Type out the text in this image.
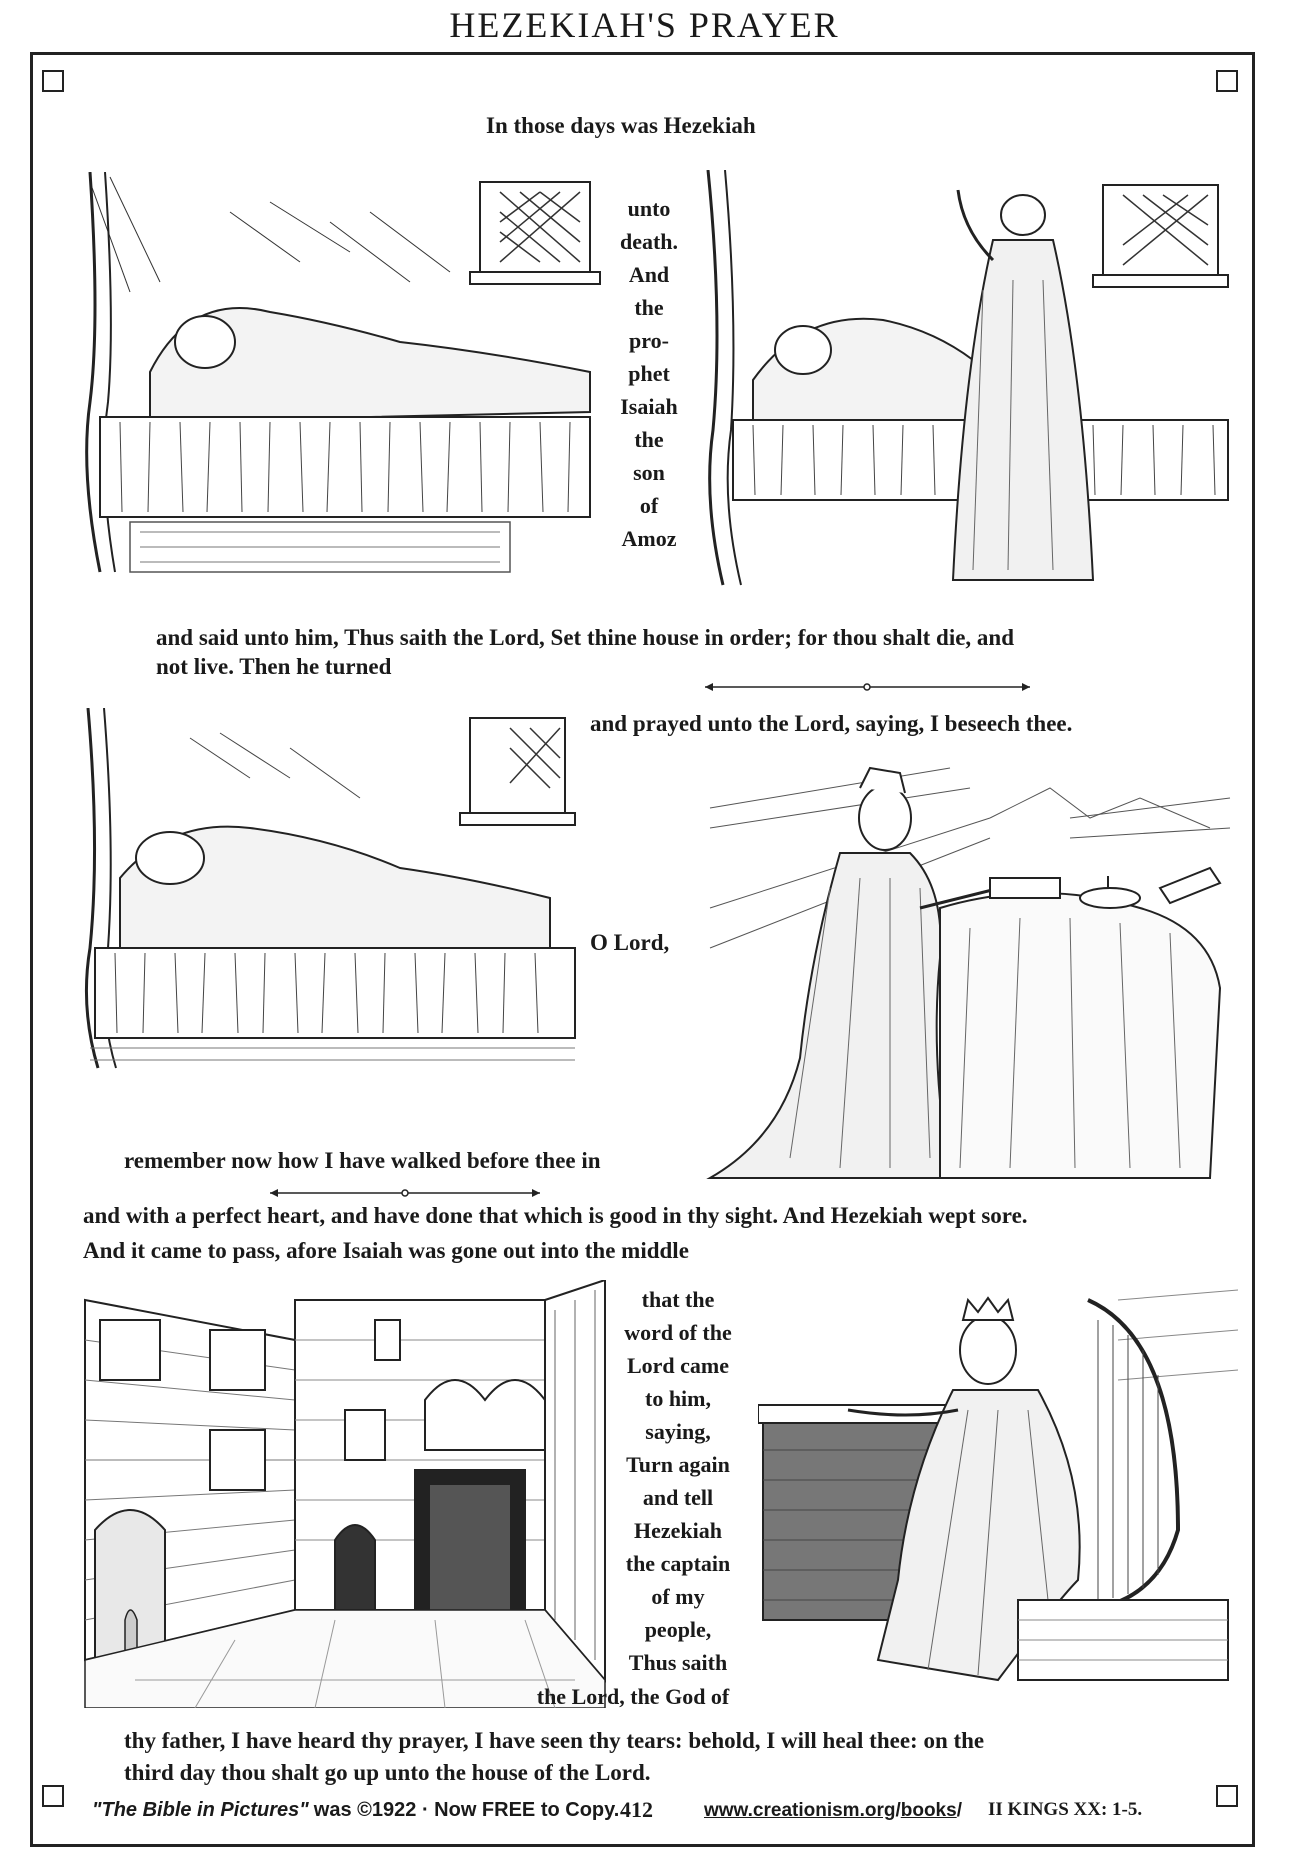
HEZEKIAH'S PRAYER
In those days was Hezekiah
unto
death.
And
the
pro-
phet
Isaiah
the
son
of
Amoz
and said unto him, Thus saith the Lord, Set thine house in order; for thou shalt die, and
not live. Then he turned
and prayed unto the Lord, saying, I beseech thee.
O Lord,
remember now how I have walked before thee in
and with a perfect heart, and have done that which is good in thy sight. And Hezekiah wept sore.
And it came to pass, afore Isaiah was gone out into the middle
that the
word of the
Lord came
to him,
saying,
Turn again
and tell
Hezekiah
the captain
of my
people,
Thus saith
the Lord, the God of
thy father, I have heard thy prayer, I have seen thy tears: behold, I will heal thee: on the
third day thou shalt go up unto the house of the Lord.
"The Bible in Pictures" was ©1922 · Now FREE to Copy. 412	www.creationism.org/books/ II KINGS XX: 1-5.
